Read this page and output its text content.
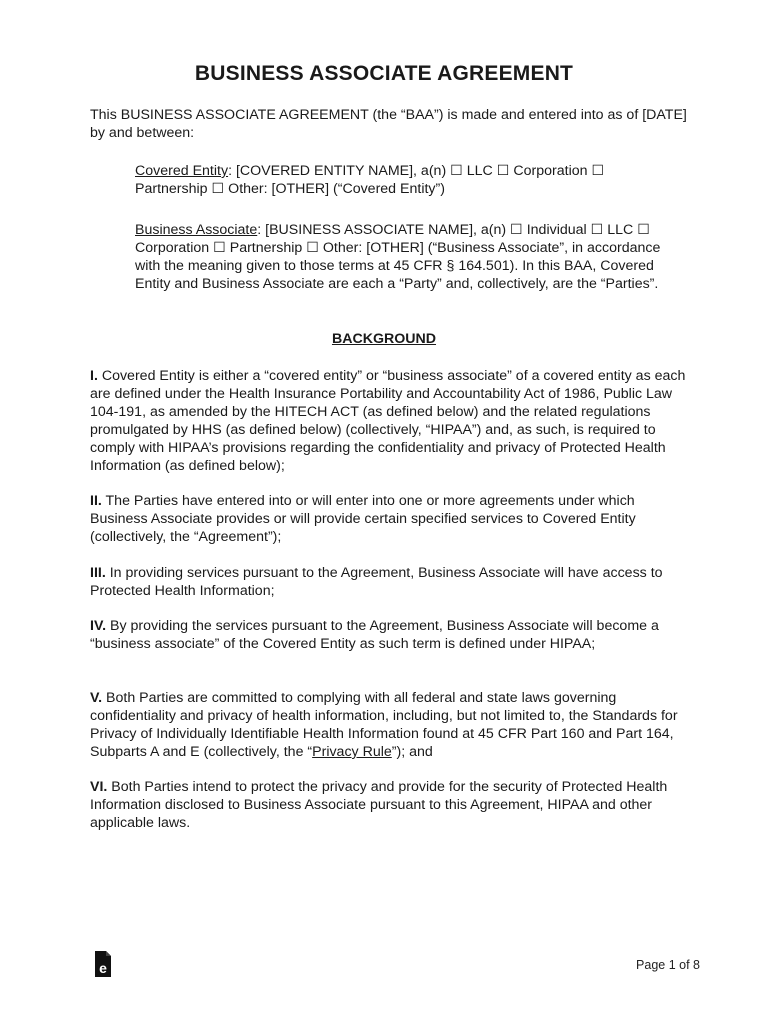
BUSINESS ASSOCIATE AGREEMENT
This BUSINESS ASSOCIATE AGREEMENT (the “BAA”) is made and entered into as of [DATE] by and between:
Covered Entity: [COVERED ENTITY NAME], a(n) ☐ LLC ☐ Corporation ☐ Partnership ☐ Other: [OTHER] (“Covered Entity”)
Business Associate: [BUSINESS ASSOCIATE NAME], a(n) ☐ Individual ☐ LLC ☐ Corporation ☐ Partnership ☐ Other: [OTHER] (“Business Associate”, in accordance with the meaning given to those terms at 45 CFR § 164.501). In this BAA, Covered Entity and Business Associate are each a “Party” and, collectively, are the “Parties”.
BACKGROUND
I. Covered Entity is either a “covered entity” or “business associate” of a covered entity as each are defined under the Health Insurance Portability and Accountability Act of 1986, Public Law 104-191, as amended by the HITECH ACT (as defined below) and the related regulations promulgated by HHS (as defined below) (collectively, “HIPAA”) and, as such, is required to comply with HIPAA’s provisions regarding the confidentiality and privacy of Protected Health Information (as defined below);
II. The Parties have entered into or will enter into one or more agreements under which Business Associate provides or will provide certain specified services to Covered Entity (collectively, the “Agreement”);
III. In providing services pursuant to the Agreement, Business Associate will have access to Protected Health Information;
IV. By providing the services pursuant to the Agreement, Business Associate will become a “business associate” of the Covered Entity as such term is defined under HIPAA;
V. Both Parties are committed to complying with all federal and state laws governing confidentiality and privacy of health information, including, but not limited to, the Standards for Privacy of Individually Identifiable Health Information found at 45 CFR Part 160 and Part 164, Subparts A and E (collectively, the “Privacy Rule”); and
VI. Both Parties intend to protect the privacy and provide for the security of Protected Health Information disclosed to Business Associate pursuant to this Agreement, HIPAA and other applicable laws.
e	Page 1 of 8
